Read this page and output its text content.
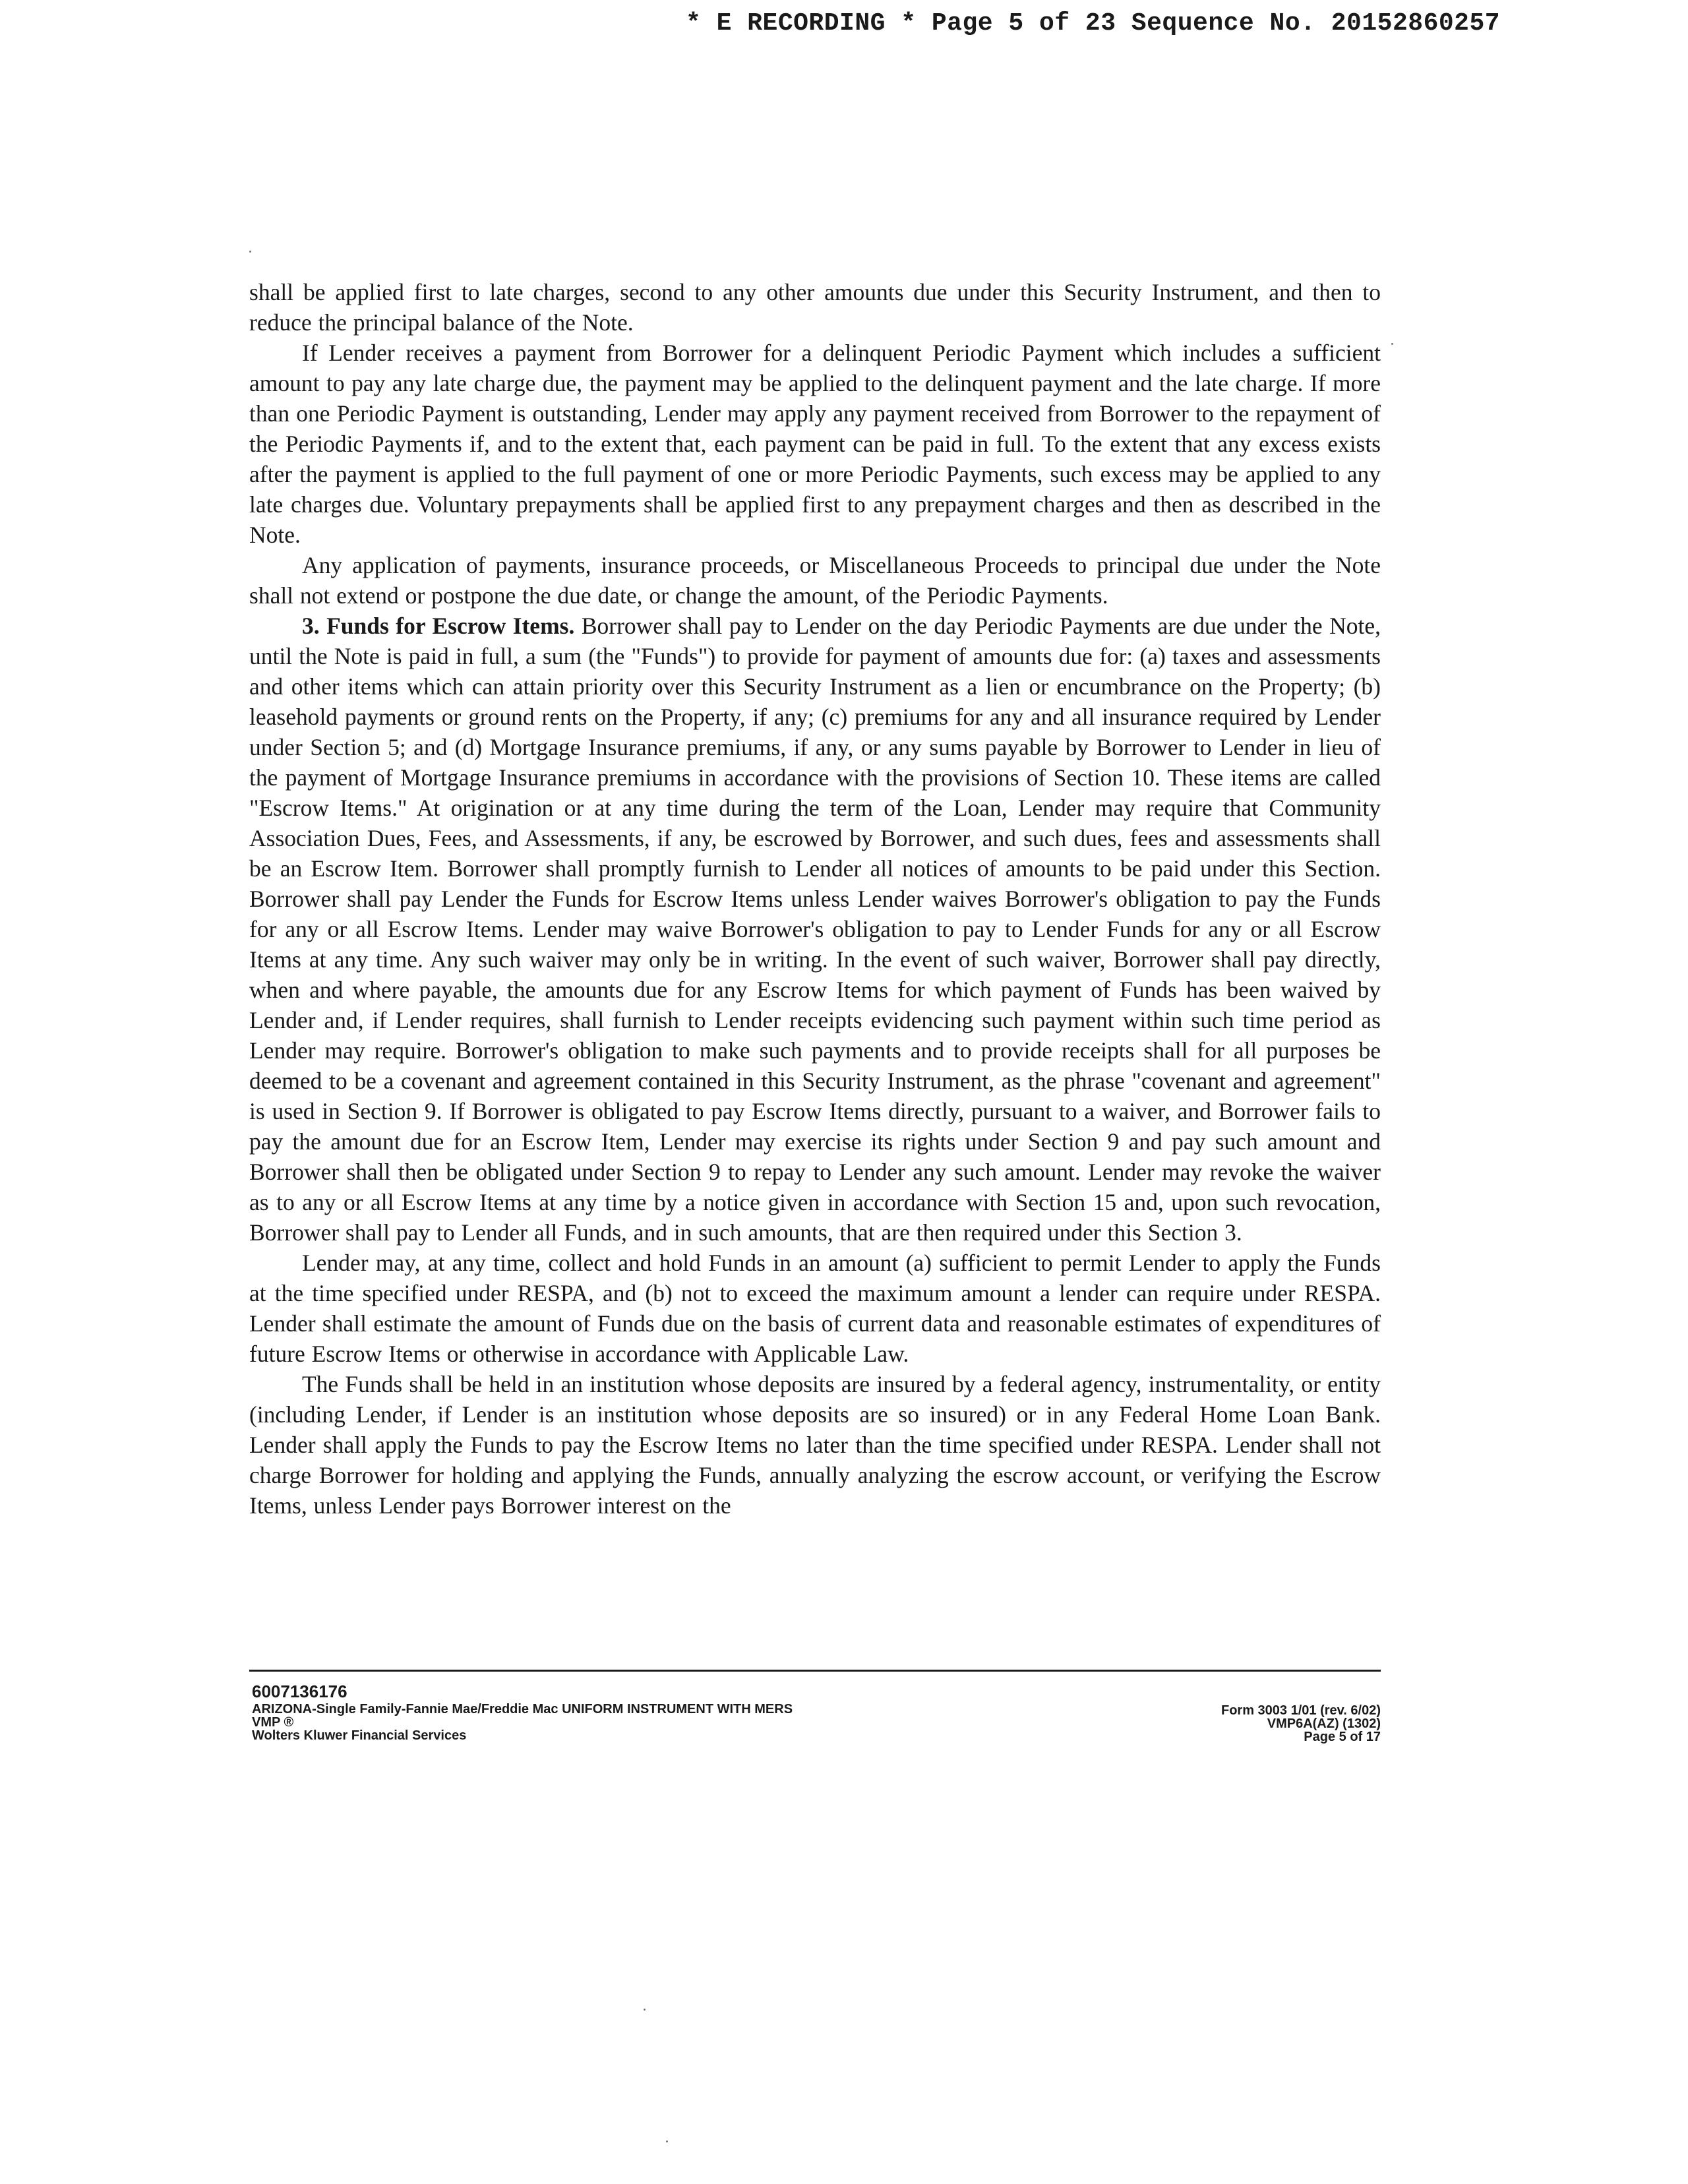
* E RECORDING * Page 5 of 23 Sequence No. 20152860257

shall be applied first to late charges, second to any other amounts due under this Security Instrument, and then to reduce the principal balance of the Note.

If Lender receives a payment from Borrower for a delinquent Periodic Payment which includes a sufficient amount to pay any late charge due, the payment may be applied to the delinquent payment and the late charge. If more than one Periodic Payment is outstanding, Lender may apply any payment received from Borrower to the repayment of the Periodic Payments if, and to the extent that, each payment can be paid in full. To the extent that any excess exists after the payment is applied to the full payment of one or more Periodic Payments, such excess may be applied to any late charges due. Voluntary prepayments shall be applied first to any prepayment charges and then as described in the Note.

Any application of payments, insurance proceeds, or Miscellaneous Proceeds to principal due under the Note shall not extend or postpone the due date, or change the amount, of the Periodic Payments.

3. Funds for Escrow Items. Borrower shall pay to Lender on the day Periodic Payments are due under the Note, until the Note is paid in full, a sum (the "Funds") to provide for payment of amounts due for: (a) taxes and assessments and other items which can attain priority over this Security Instrument as a lien or encumbrance on the Property; (b) leasehold payments or ground rents on the Property, if any; (c) premiums for any and all insurance required by Lender under Section 5; and (d) Mortgage Insurance premiums, if any, or any sums payable by Borrower to Lender in lieu of the payment of Mortgage Insurance premiums in accordance with the provisions of Section 10. These items are called "Escrow Items." At origination or at any time during the term of the Loan, Lender may require that Community Association Dues, Fees, and Assessments, if any, be escrowed by Borrower, and such dues, fees and assessments shall be an Escrow Item. Borrower shall promptly furnish to Lender all notices of amounts to be paid under this Section. Borrower shall pay Lender the Funds for Escrow Items unless Lender waives Borrower's obligation to pay the Funds for any or all Escrow Items. Lender may waive Borrower's obligation to pay to Lender Funds for any or all Escrow Items at any time. Any such waiver may only be in writing. In the event of such waiver, Borrower shall pay directly, when and where payable, the amounts due for any Escrow Items for which payment of Funds has been waived by Lender and, if Lender requires, shall furnish to Lender receipts evidencing such payment within such time period as Lender may require. Borrower's obligation to make such payments and to provide receipts shall for all purposes be deemed to be a covenant and agreement contained in this Security Instrument, as the phrase "covenant and agreement" is used in Section 9. If Borrower is obligated to pay Escrow Items directly, pursuant to a waiver, and Borrower fails to pay the amount due for an Escrow Item, Lender may exercise its rights under Section 9 and pay such amount and Borrower shall then be obligated under Section 9 to repay to Lender any such amount. Lender may revoke the waiver as to any or all Escrow Items at any time by a notice given in accordance with Section 15 and, upon such revocation, Borrower shall pay to Lender all Funds, and in such amounts, that are then required under this Section 3.

Lender may, at any time, collect and hold Funds in an amount (a) sufficient to permit Lender to apply the Funds at the time specified under RESPA, and (b) not to exceed the maximum amount a lender can require under RESPA. Lender shall estimate the amount of Funds due on the basis of current data and reasonable estimates of expenditures of future Escrow Items or otherwise in accordance with Applicable Law.

The Funds shall be held in an institution whose deposits are insured by a federal agency, instrumentality, or entity (including Lender, if Lender is an institution whose deposits are so insured) or in any Federal Home Loan Bank. Lender shall apply the Funds to pay the Escrow Items no later than the time specified under RESPA. Lender shall not charge Borrower for holding and applying the Funds, annually analyzing the escrow account, or verifying the Escrow Items, unless Lender pays Borrower interest on the

6007136176
ARIZONA-Single Family-Fannie Mae/Freddie Mac UNIFORM INSTRUMENT WITH MERS
VMP ®
Wolters Kluwer Financial Services
Form 3003 1/01 (rev. 6/02)
VMP6A(AZ) (1302)
Page 5 of 17
